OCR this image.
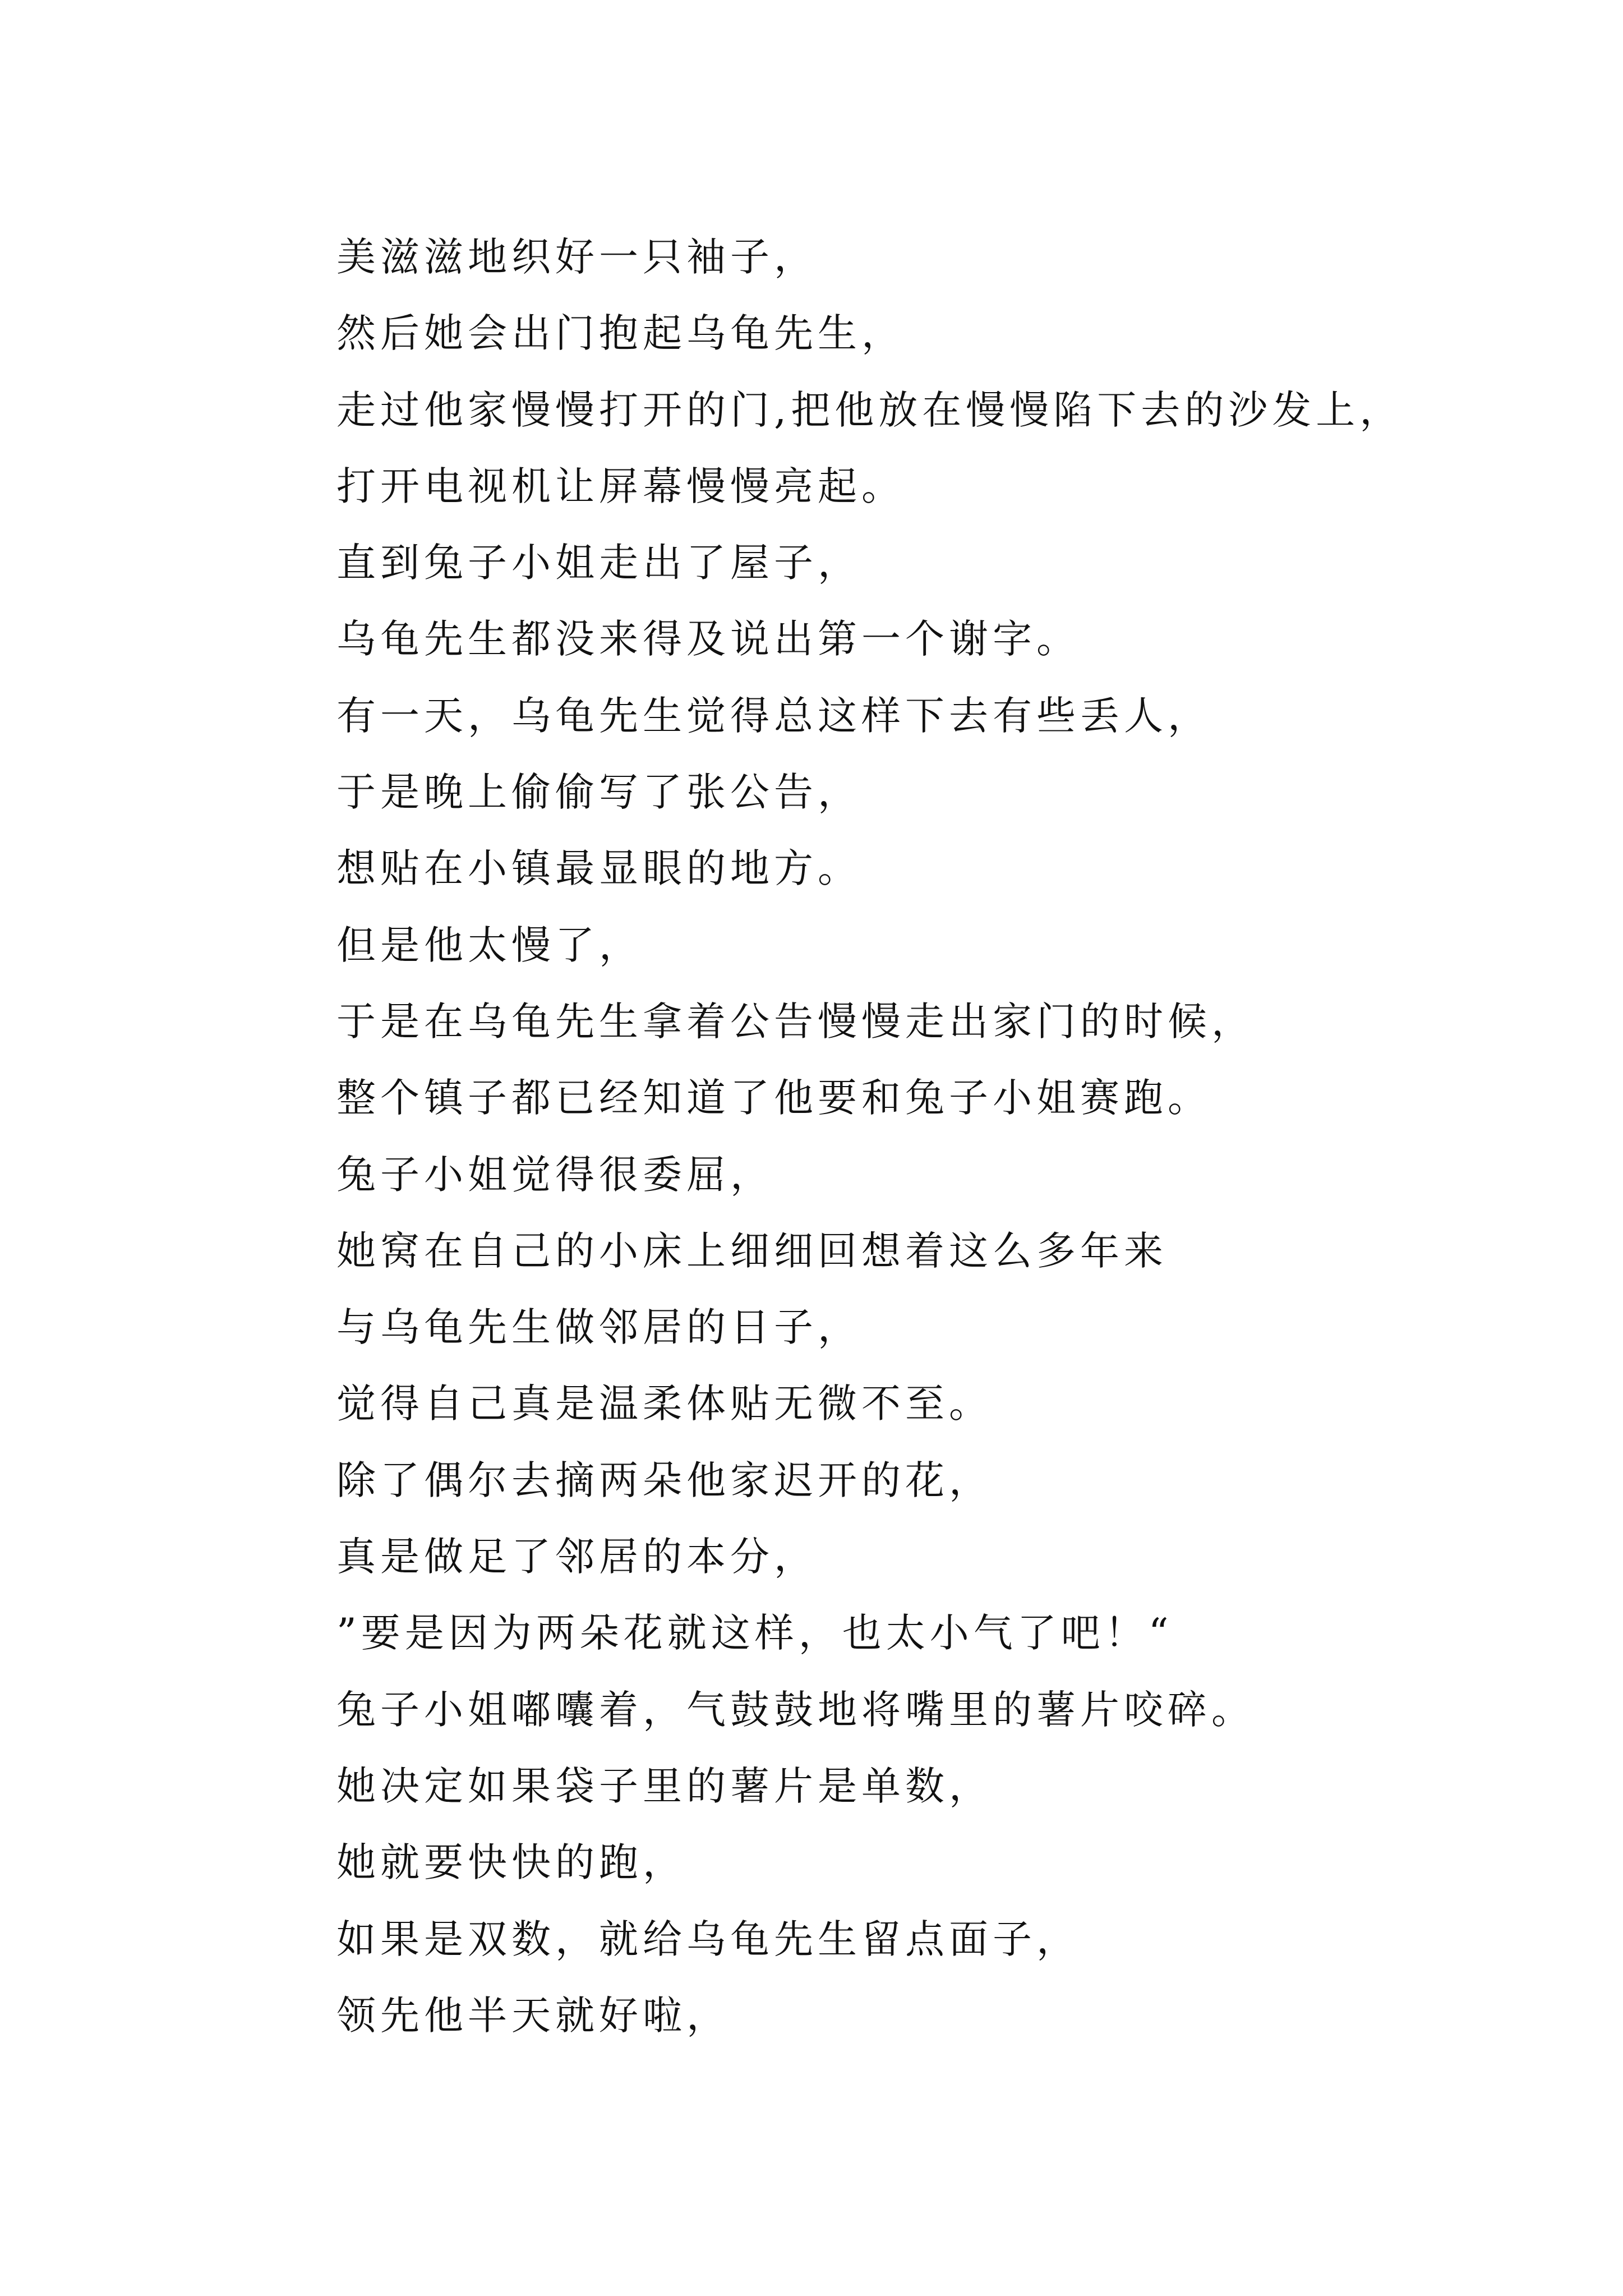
美滋滋地织好一只袖子，
然后她会出门抱起乌龟先生，
走过他家慢慢打开的门,把他放在慢慢陷下去的沙发上，
打开电视机让屏幕慢慢亮起。
直到兔子小姐走出了屋子，
乌龟先生都没来得及说出第一个谢字。
有一天，乌龟先生觉得总这样下去有些丢人，
于是晚上偷偷写了张公告，
想贴在小镇最显眼的地方。
但是他太慢了，
于是在乌龟先生拿着公告慢慢走出家门的时候，
整个镇子都已经知道了他要和兔子小姐赛跑。
兔子小姐觉得很委屈，
她窝在自己的小床上细细回想着这么多年来
与乌龟先生做邻居的日子，
觉得自己真是温柔体贴无微不至。
除了偶尔去摘两朵他家迟开的花，
真是做足了邻居的本分，
”要是因为两朵花就这样，也太小气了吧！“
兔子小姐嘟囔着，气鼓鼓地将嘴里的薯片咬碎。
她决定如果袋子里的薯片是单数，
她就要快快的跑，
如果是双数，就给乌龟先生留点面子，
领先他半天就好啦，
